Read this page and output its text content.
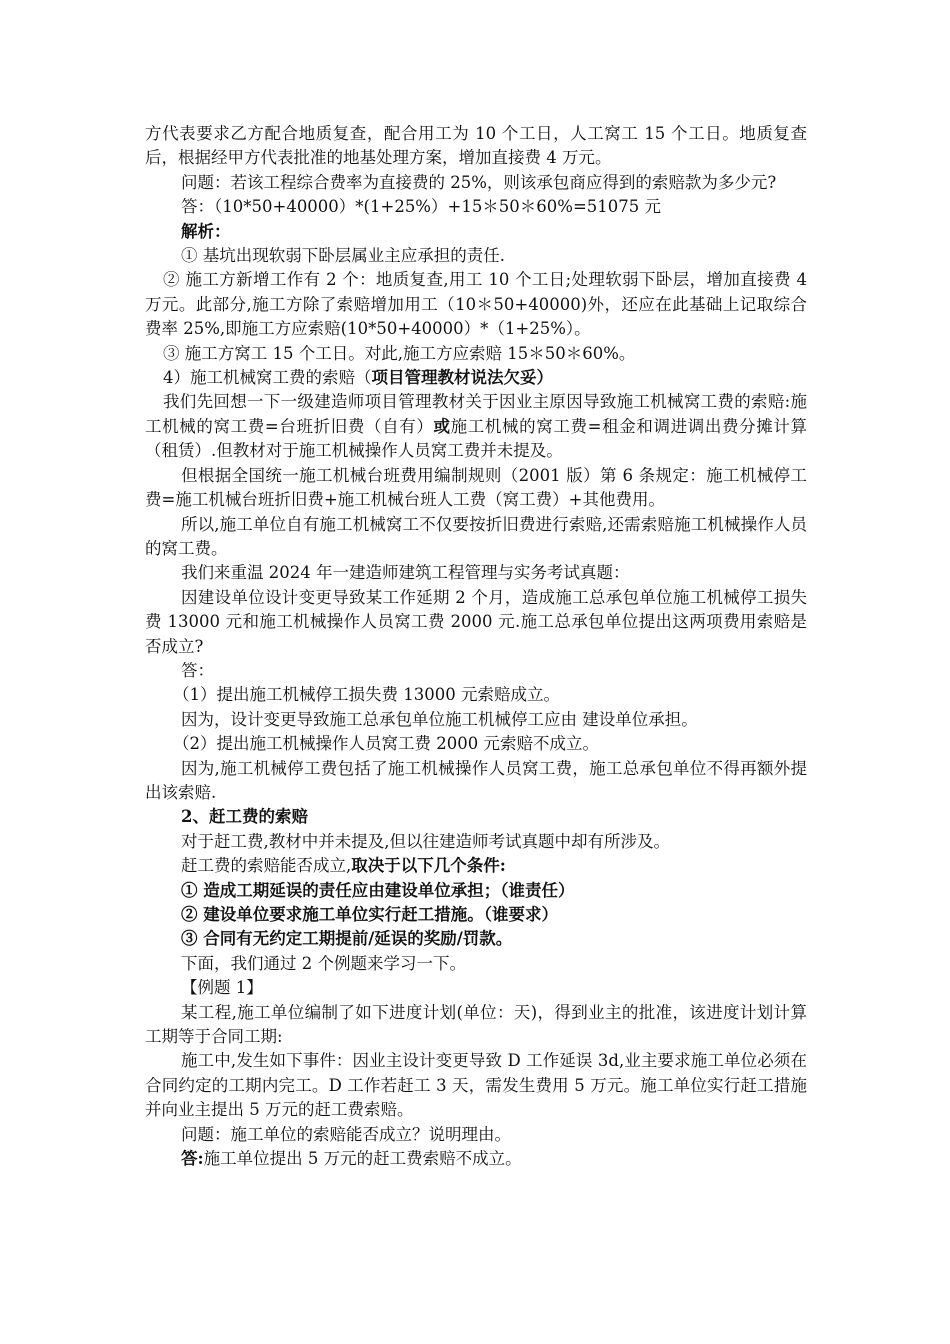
方代表要求乙方配合地质复查，配合用工为 10 个工日，人工窝工 15 个工日。地质复查后，根据经甲方代表批准的地基处理方案，增加直接费 4 万元。

问题：若该工程综合费率为直接费的 25%，则该承包商应得到的索赔款为多少元?

答：（10*50+40000）*(1+25%）+15＊50＊60%=51075 元

解析：

① 基坑出现软弱下卧层属业主应承担的责任.

② 施工方新增工作有 2 个：地质复查,用工 10 个工日;处理软弱下卧层，增加直接费 4 万元。此部分,施工方除了索赔增加用工（10＊50+40000)外，还应在此基础上记取综合费率 25%,即施工方应索赔(10*50+40000）*（1+25%）。

③ 施工方窝工 15 个工日。对此,施工方应索赔 15＊50＊60%。

4）施工机械窝工费的索赔（项目管理教材说法欠妥）

我们先回想一下一级建造师项目管理教材关于因业主原因导致施工机械窝工费的索赔:施工机械的窝工费=台班折旧费（自有）或施工机械的窝工费=租金和调进调出费分摊计算（租赁）.但教材对于施工机械操作人员窝工费并未提及。

但根据全国统一施工机械台班费用编制规则（2001 版）第 6 条规定：施工机械停工费=施工机械台班折旧费+施工机械台班人工费（窝工费）+其他费用。

所以,施工单位自有施工机械窝工不仅要按折旧费进行索赔,还需索赔施工机械操作人员的窝工费。

我们来重温 2024 年一建造师建筑工程管理与实务考试真题：

因建设单位设计变更导致某工作延期 2 个月，造成施工总承包单位施工机械停工损失费 13000 元和施工机械操作人员窝工费 2000 元.施工总承包单位提出这两项费用索赔是否成立?

答：

（1）提出施工机械停工损失费 13000 元索赔成立。

因为，设计变更导致施工总承包单位施工机械停工应由 建设单位承担。

（2）提出施工机械操作人员窝工费 2000 元索赔不成立。

因为,施工机械停工费包括了施工机械操作人员窝工费，施工总承包单位不得再额外提出该索赔.

2、赶工费的索赔

对于赶工费,教材中并未提及,但以往建造师考试真题中却有所涉及。

赶工费的索赔能否成立,取决于以下几个条件:

① 造成工期延误的责任应由建设单位承担；（谁责任）

② 建设单位要求施工单位实行赶工措施。（谁要求）

③ 合同有无约定工期提前/延误的奖励/罚款。

下面，我们通过 2 个例题来学习一下。

【例题 1】

某工程,施工单位编制了如下进度计划(单位：天)，得到业主的批准，该进度计划计算工期等于合同工期:

施工中,发生如下事件：因业主设计变更导致 D 工作延误 3d,业主要求施工单位必须在合同约定的工期内完工。D 工作若赶工 3 天，需发生费用 5 万元。施工单位实行赶工措施并向业主提出 5 万元的赶工费索赔。

问题：施工单位的索赔能否成立？说明理由。

答:施工单位提出 5 万元的赶工费索赔不成立。
